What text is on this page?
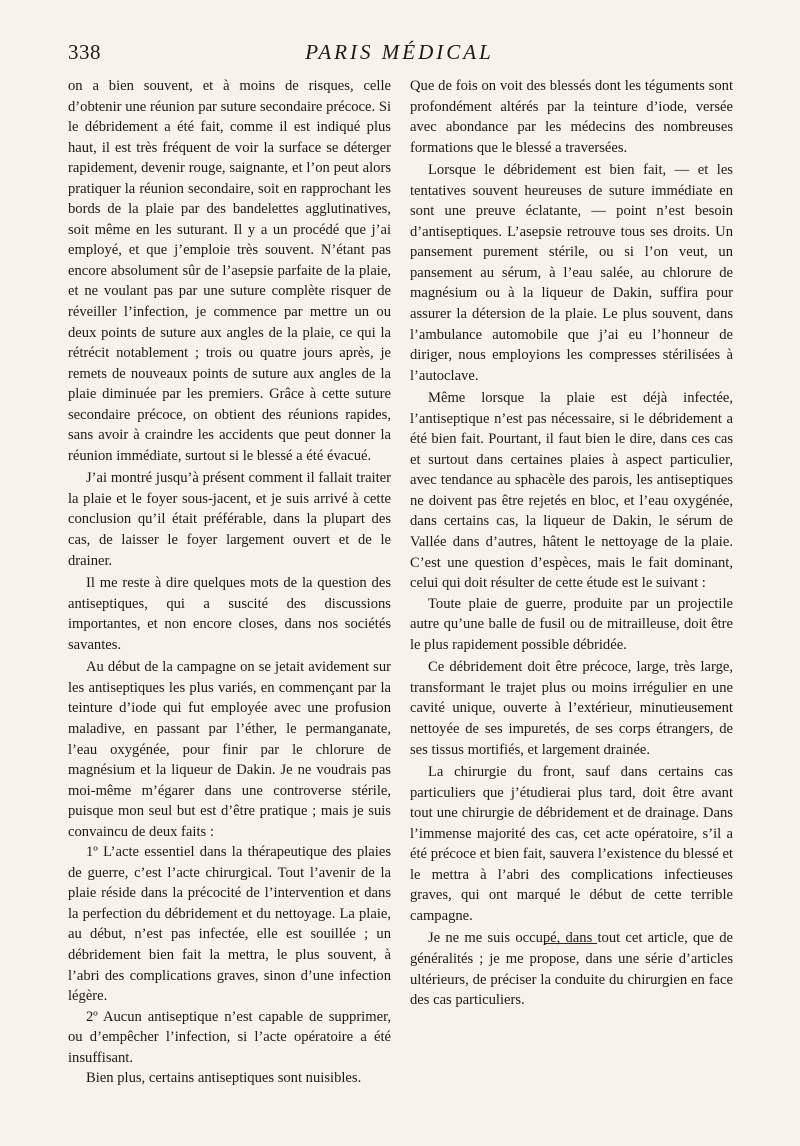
338	PARIS MÉDICAL

on a bien souvent, et à moins de risques, celle d’obtenir une réunion par suture secondaire précoce. Si le débridement a été fait, comme il est indiqué plus haut, il est très fréquent de voir la surface se déterger rapidement, devenir rouge, saignante, et l’on peut alors pratiquer la réunion secondaire, soit en rapprochant les bords de la plaie par des bandelettes agglutinatives, soit même en les suturant. Il y a un procédé que j’ai employé, et que j’emploie très souvent. N’étant pas encore absolument sûr de l’asepsie parfaite de la plaie, et ne voulant pas par une suture complète risquer de réveiller l’infection, je commence par mettre un ou deux points de suture aux angles de la plaie, ce qui la rétrécit notablement ; trois ou quatre jours après, je remets de nouveaux points de suture aux angles de la plaie diminuée par les premiers. Grâce à cette suture secondaire précoce, on obtient des réunions rapides, sans avoir à craindre les accidents que peut donner la réunion immédiate, surtout si le blessé a été évacué.

J’ai montré jusqu’à présent comment il fallait traiter la plaie et le foyer sous-jacent, et je suis arrivé à cette conclusion qu’il était préférable, dans la plupart des cas, de laisser le foyer largement ouvert et de le drainer.

Il me reste à dire quelques mots de la question des antiseptiques, qui a suscité des discussions importantes, et non encore closes, dans nos sociétés savantes.

Au début de la campagne on se jetait avidement sur les antiseptiques les plus variés, en commençant par la teinture d’iode qui fut employée avec une profusion maladive, en passant par l’éther, le permanganate, l’eau oxygénée, pour finir par le chlorure de magnésium et la liqueur de Dakin. Je ne voudrais pas moi-même m’égarer dans une controverse stérile, puisque mon seul but est d’être pratique ; mais je suis convaincu de deux faits :

1º L’acte essentiel dans la thérapeutique des plaies de guerre, c’est l’acte chirurgical. Tout l’avenir de la plaie réside dans la précocité de l’intervention et dans la perfection du débridement et du nettoyage. La plaie, au début, n’est pas infectée, elle est souillée ; un débridement bien fait la mettra, le plus souvent, à l’abri des complications graves, sinon d’une infection légère.

2º Aucun antiseptique n’est capable de supprimer, ou d’empêcher l’infection, si l’acte opératoire a été insuffisant.

Bien plus, certains antiseptiques sont nuisibles.

Que de fois on voit des blessés dont les téguments sont profondément altérés par la teinture d’iode, versée avec abondance par les médecins des nombreuses formations que le blessé a traversées.

Lorsque le débridement est bien fait, — et les tentatives souvent heureuses de suture immédiate en sont une preuve éclatante, — point n’est besoin d’antiseptiques. L’asepsie retrouve tous ses droits. Un pansement purement stérile, ou si l’on veut, un pansement au sérum, à l’eau salée, au chlorure de magnésium ou à la liqueur de Dakin, suffira pour assurer la détersion de la plaie. Le plus souvent, dans l’ambulance automobile que j’ai eu l’honneur de diriger, nous employions les compresses stérilisées à l’autoclave.

Même lorsque la plaie est déjà infectée, l’antiseptique n’est pas nécessaire, si le débridement a été bien fait. Pourtant, il faut bien le dire, dans ces cas et surtout dans certaines plaies à aspect particulier, avec tendance au sphacèle des parois, les antiseptiques ne doivent pas être rejetés en bloc, et l’eau oxygénée, dans certains cas, la liqueur de Dakin, le sérum de Vallée dans d’autres, hâtent le nettoyage de la plaie. C’est une question d’espèces, mais le fait dominant, celui qui doit résulter de cette étude est le suivant :

Toute plaie de guerre, produite par un projectile autre qu’une balle de fusil ou de mitrailleuse, doit être le plus rapidement possible débridée.

Ce débridement doit être précoce, large, très large, transformant le trajet plus ou moins irrégulier en une cavité unique, ouverte à l’extérieur, minutieusement nettoyée de ses impuretés, de ses corps étrangers, de ses tissus mortifiés, et largement drainée.

La chirurgie du front, sauf dans certains cas particuliers que j’étudierai plus tard, doit être avant tout une chirurgie de débridement et de drainage. Dans l’immense majorité des cas, cet acte opératoire, s’il a été précoce et bien fait, sauvera l’existence du blessé et le mettra à l’abri des complications infectieuses graves, qui ont marqué le début de cette terrible campagne.

Je ne me suis occupé, dans tout cet article, que de généralités ; je me propose, dans une série d’articles ultérieurs, de préciser la conduite du chirurgien en face des cas particuliers.
